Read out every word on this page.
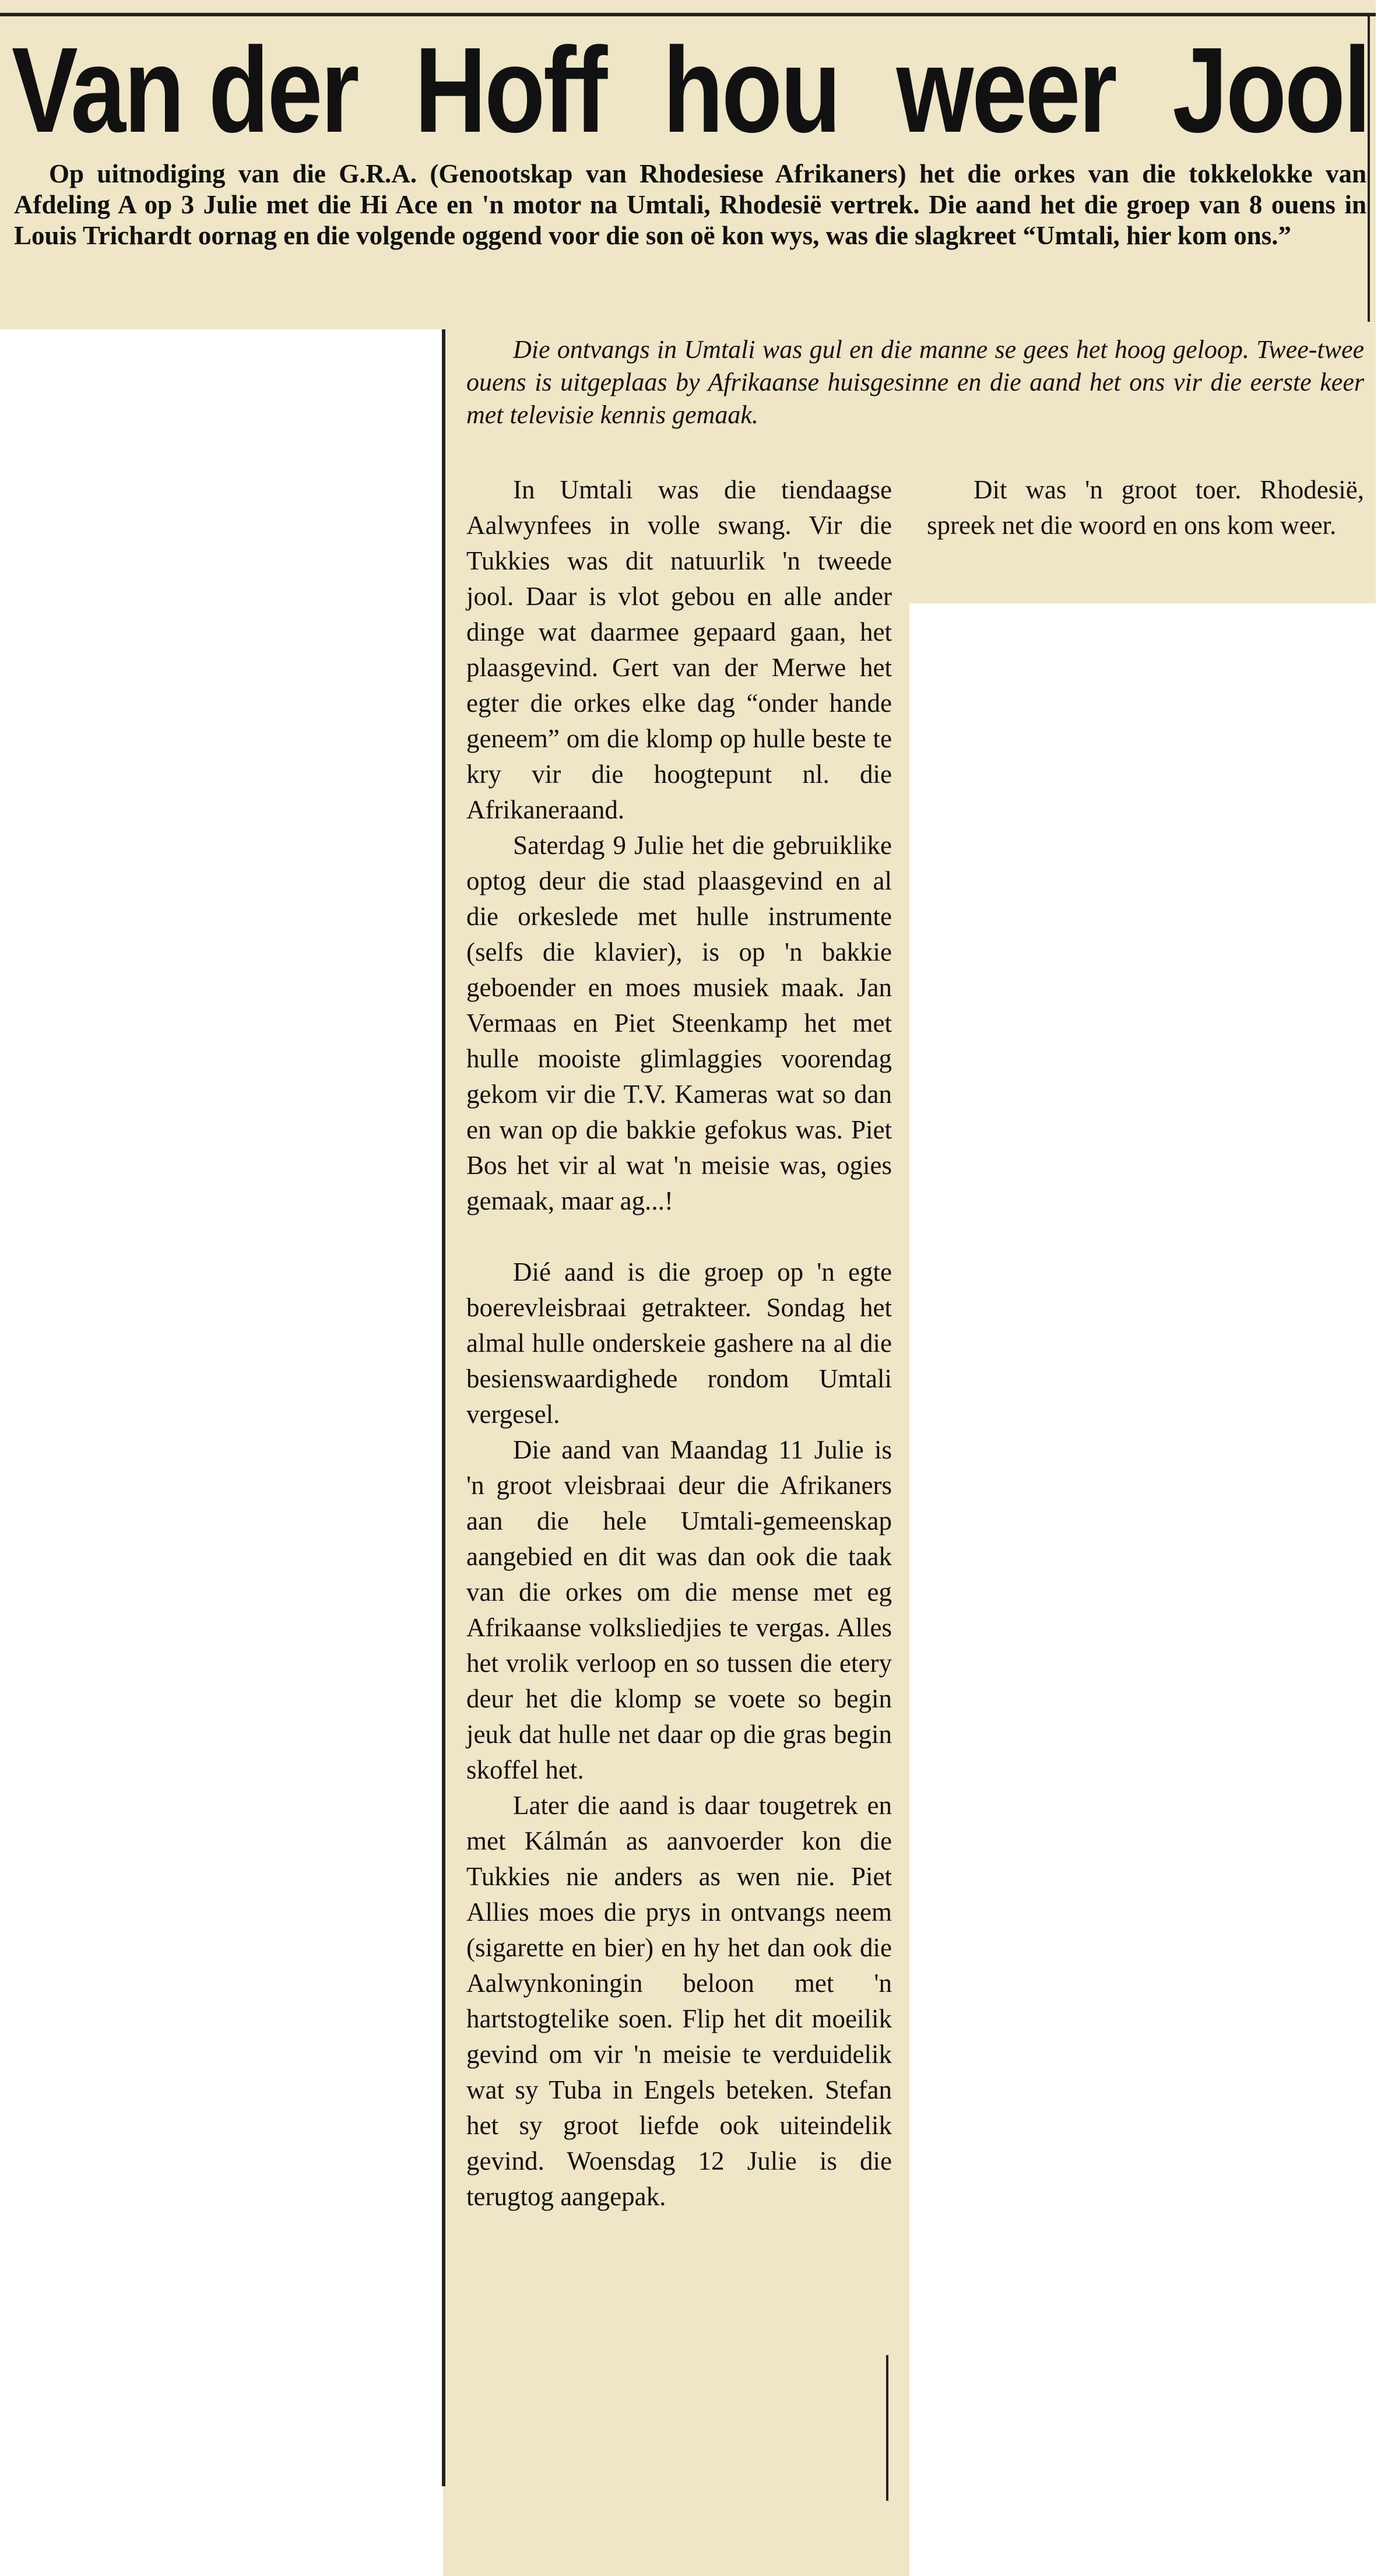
Van der Hoff hou weer Jool
Op uitnodiging van die G.R.A. (Genootskap van Rhodesiese Afrikaners) het die orkes van die tokkelokke van Afdeling A op 3 Julie met die Hi Ace en 'n motor na Umtali, Rhodesië vertrek. Die aand het die groep van 8 ouens in Louis Trichardt oornag en die volgende oggend voor die son oë kon wys, was die slagkreet “Umtali, hier kom ons.”
Die ontvangs in Umtali was gul en die manne se gees het hoog geloop. Twee-twee ouens is uitgeplaas by Afrikaanse huisgesinne en die aand het ons vir die eerste keer met televisie kennis gemaak.

In Umtali was die tiendaagse Aalwynfees in volle swang. Vir die Tukkies was dit natuurlik 'n tweede jool. Daar is vlot gebou en alle ander dinge wat daarmee gepaard gaan, het plaasgevind. Gert van der Merwe het egter die orkes elke dag “onder hande geneem” om die klomp op hulle beste te kry vir die hoogtepunt nl. die Afrikaneraand.

Saterdag 9 Julie het die gebruiklike optog deur die stad plaasgevind en al die orkeslede met hulle instrumente (selfs die klavier), is op 'n bakkie geboender en moes musiek maak. Jan Vermaas en Piet Steenkamp het met hulle mooiste glimlaggies voorendag gekom vir die T.V. Kameras wat so dan en wan op die bakkie gefokus was. Piet Bos het vir al wat 'n meisie was, ogies gemaak, maar ag...!

Dié aand is die groep op 'n egte boerevleisbraai getrakteer. Sondag het almal hulle onderskeie gashere na al die besienswaardighede rondom Umtali vergesel.

Die aand van Maandag 11 Julie is 'n groot vleisbraai deur die Afrikaners aan die hele Umtali-gemeenskap aangebied en dit was dan ook die taak van die orkes om die mense met eg Afrikaanse volksliedjies te vergas. Alles het vrolik verloop en so tussen die etery deur het die klomp se voete so begin jeuk dat hulle net daar op die gras begin skoffel het.

Later die aand is daar tougetrek en met Kálmán as aanvoerder kon die Tukkies nie anders as wen nie. Piet Allies moes die prys in ontvangs neem (sigarette en bier) en hy het dan ook die Aalwynkoningin beloon met 'n hartstogtelike soen. Flip het dit moeilik gevind om vir 'n meisie te verduidelik wat sy Tuba in Engels beteken. Stefan het sy groot liefde ook uiteindelik gevind. Woensdag 12 Julie is die terugtog aangepak.

Dit was 'n groot toer. Rhodesië, spreek net die woord en ons kom weer.
